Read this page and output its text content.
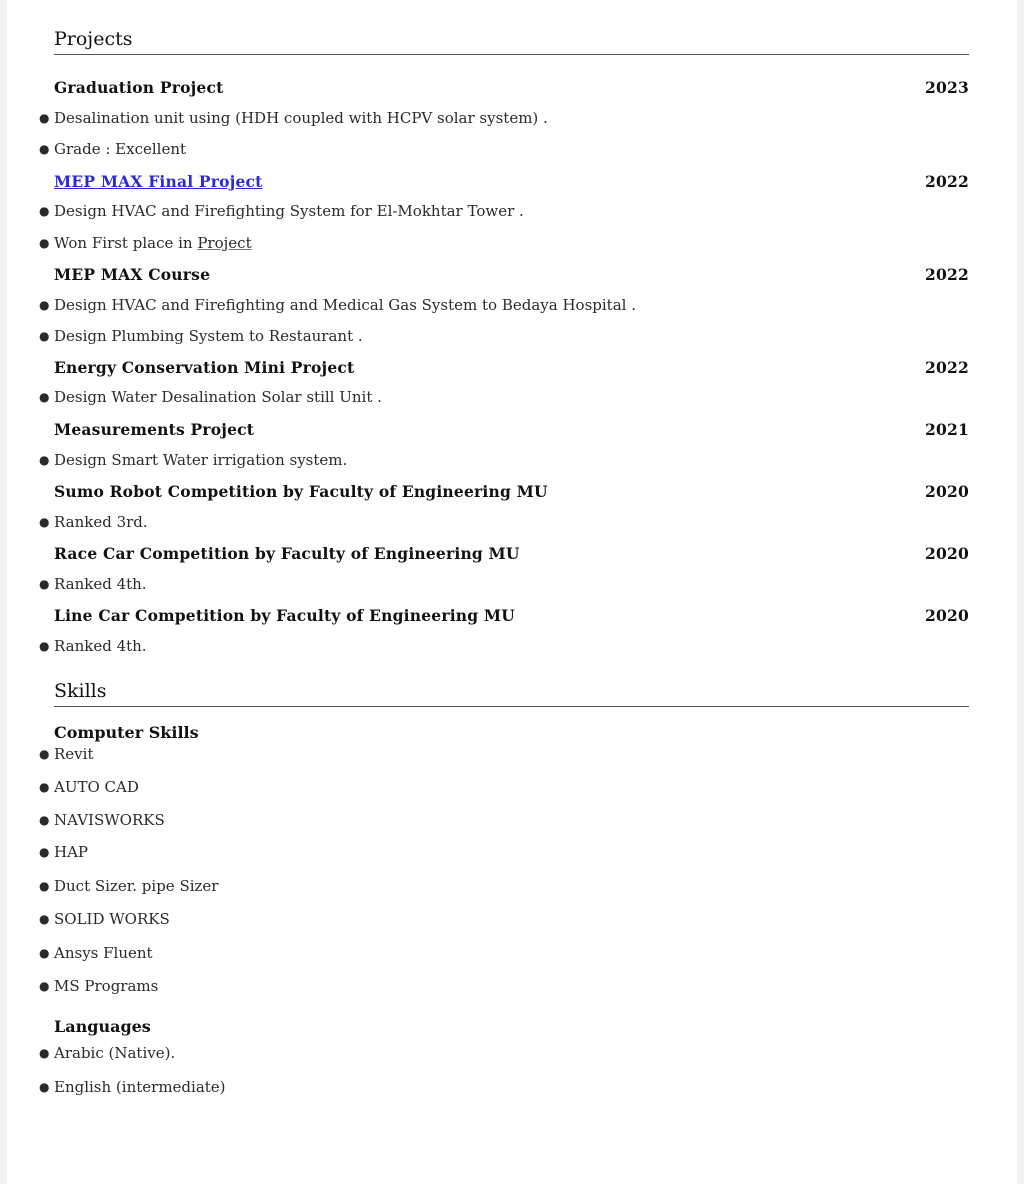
Projects
Graduation Project	2023
● Desalination unit using (HDH coupled with HCPV solar system) .
● Grade : Excellent
MEP MAX Final Project	2022
● Design HVAC and Firefighting System for El-Mokhtar Tower .
● Won First place in Project
MEP MAX Course	2022
● Design HVAC and Firefighting and Medical Gas System to Bedaya Hospital .
● Design Plumbing System to Restaurant .
Energy Conservation Mini Project	2022
● Design Water Desalination Solar still Unit .
Measurements Project	2021
● Design Smart Water irrigation system.
Sumo Robot Competition by Faculty of Engineering MU	2020
● Ranked 3rd.
Race Car Competition by Faculty of Engineering MU	2020
● Ranked 4th.
Line Car Competition by Faculty of Engineering MU	2020
● Ranked 4th.
Skills
Computer Skills
● Revit
● AUTO CAD
● NAVISWORKS
● HAP
● Duct Sizer. pipe Sizer
● SOLID WORKS
● Ansys Fluent
● MS Programs
Languages
● Arabic (Native).
● English (intermediate)
